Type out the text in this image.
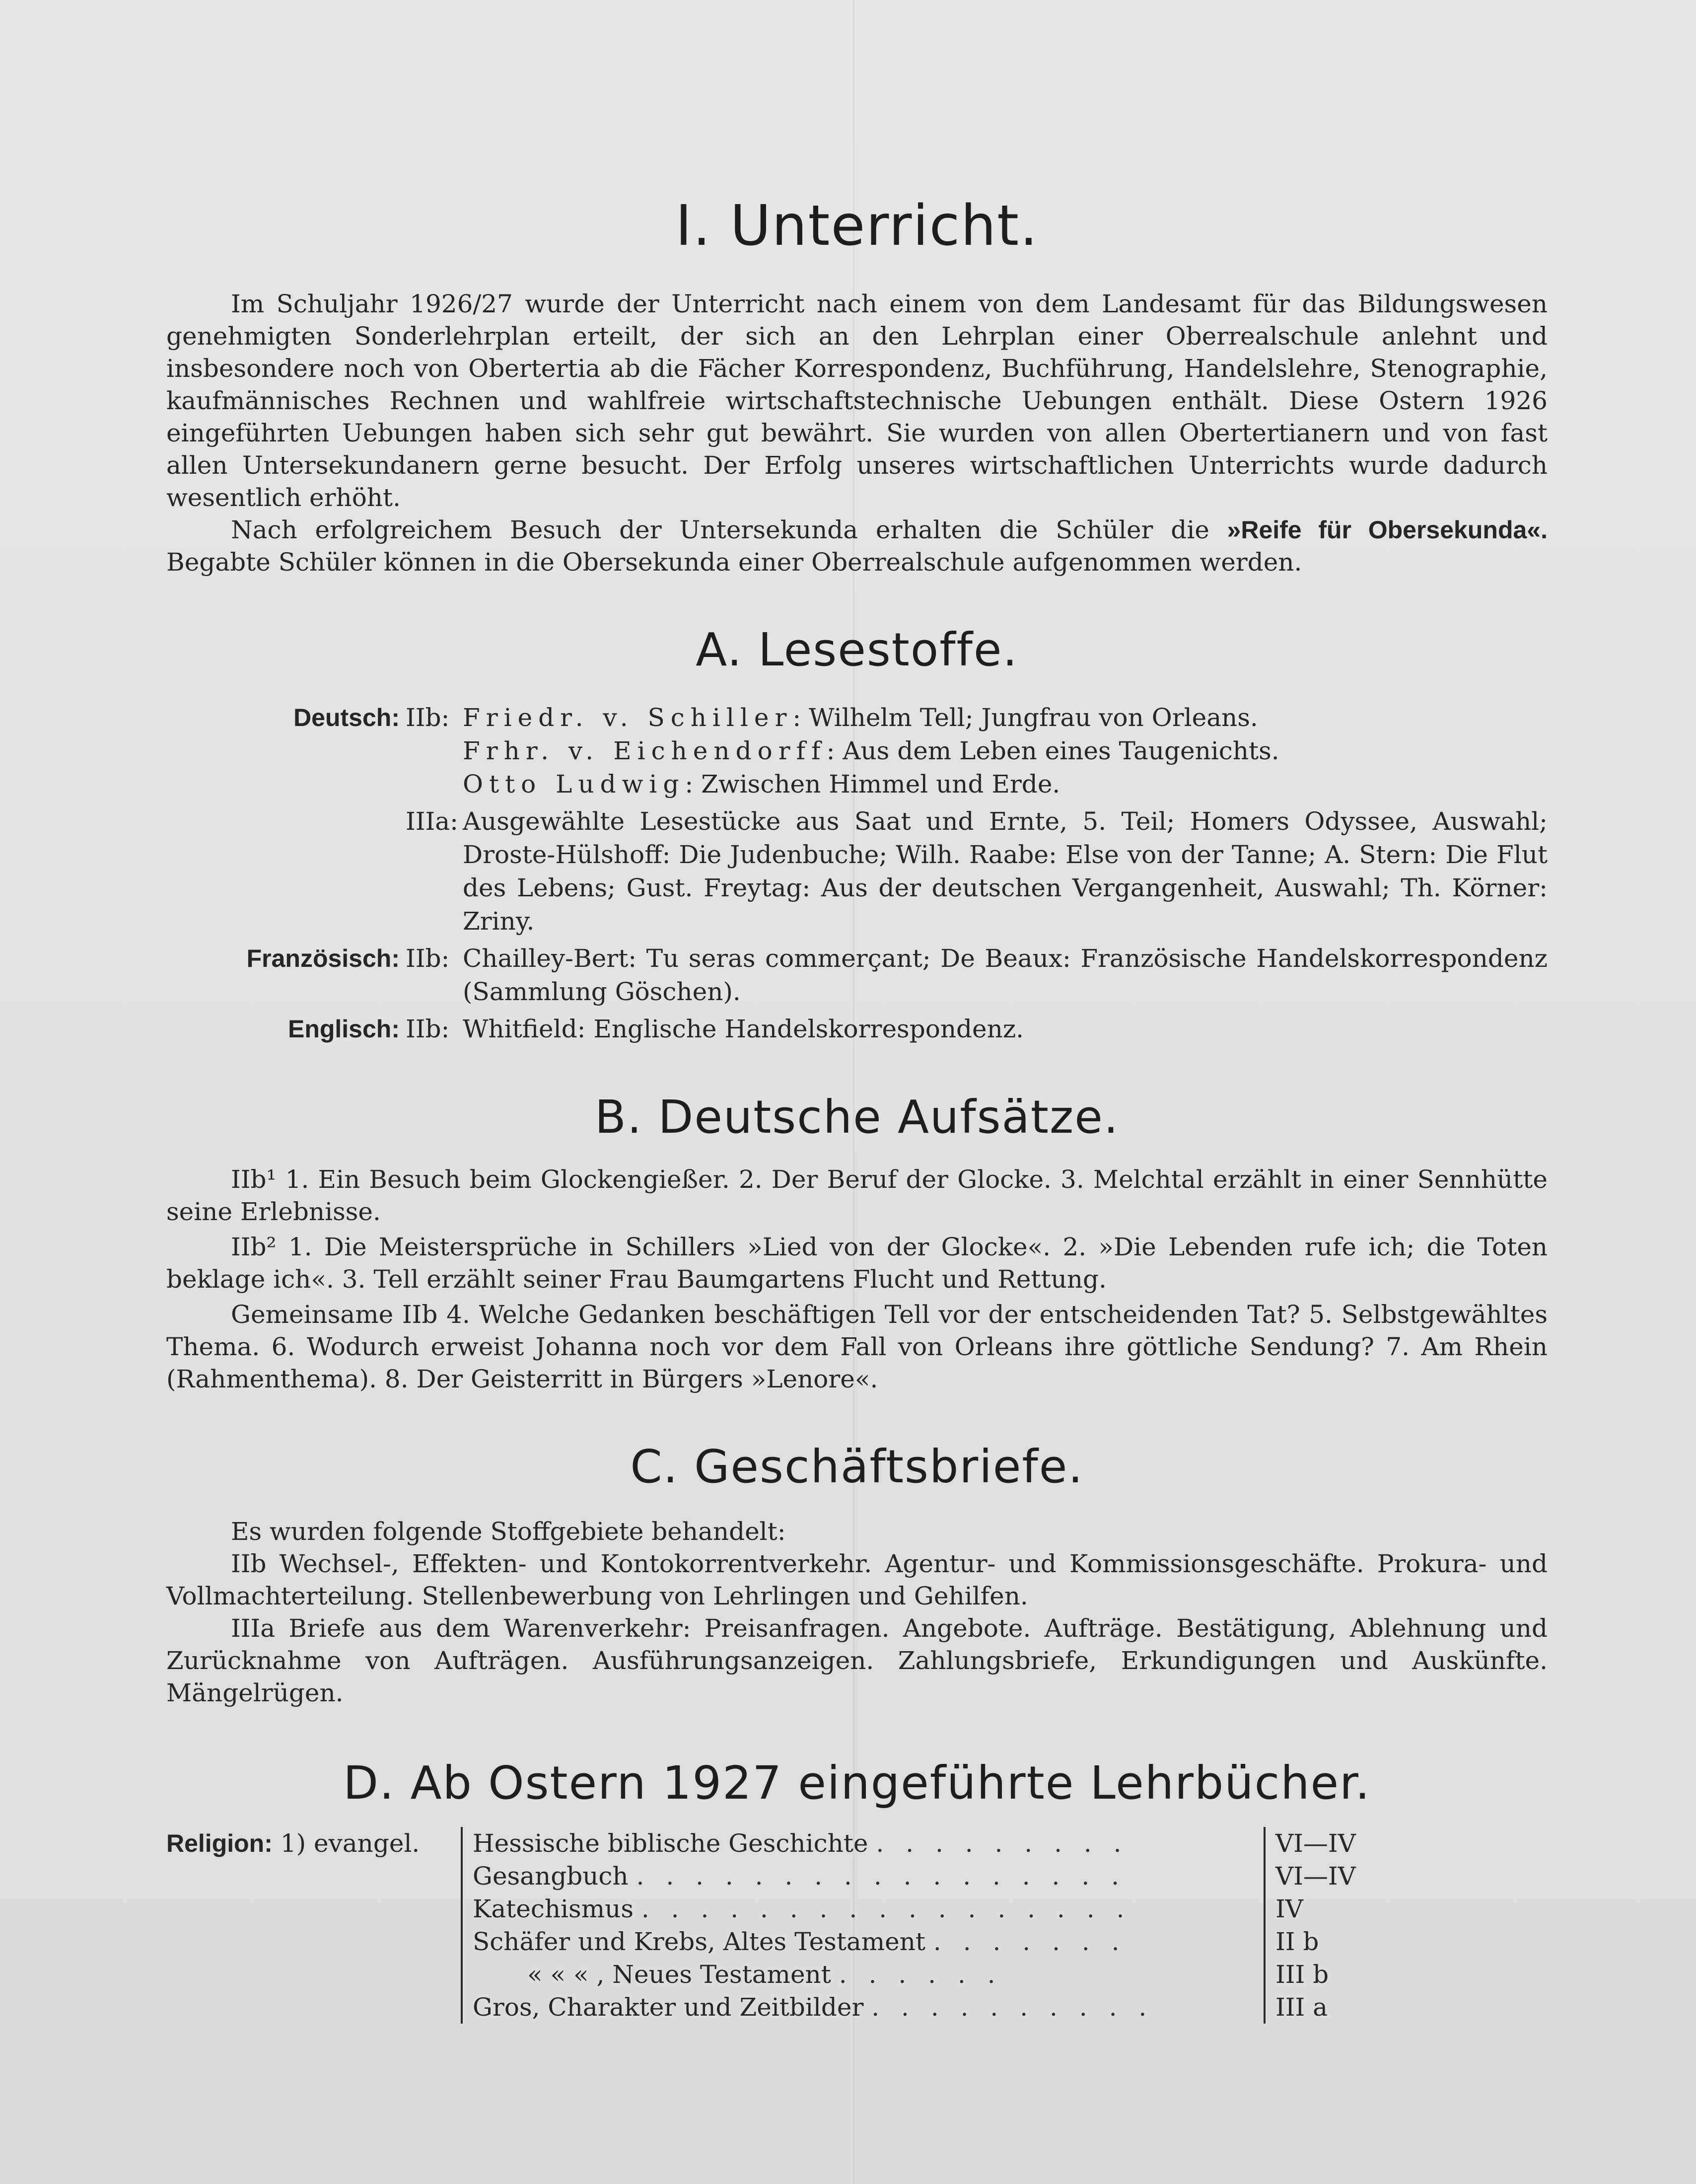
I. Unterricht.

Im Schuljahr 1926/27 wurde der Unterricht nach einem von dem Landesamt für das Bildungswesen genehmigten Sonderlehrplan erteilt, der sich an den Lehrplan einer Oberrealschule anlehnt und insbesondere noch von Obertertia ab die Fächer Korrespondenz, Buchführung, Handelslehre, Stenographie, kaufmännisches Rechnen und wahlfreie wirtschaftstechnische Uebungen enthält. Diese Ostern 1926 eingeführten Uebungen haben sich sehr gut bewährt. Sie wurden von allen Obertertianern und von fast allen Untersekundanern gerne besucht. Der Erfolg unseres wirtschaftlichen Unterrichts wurde dadurch wesentlich erhöht.

Nach erfolgreichem Besuch der Untersekunda erhalten die Schüler die »Reife für Obersekunda«. Begabte Schüler können in die Obersekunda einer Oberrealschule aufgenommen werden.

A. Lesestoffe.
Deutsch: IIb: Friedr. v. Schiller: Wilhelm Tell; Jungfrau von Orleans.
Frhr. v. Eichendorff: Aus dem Leben eines Taugenichts.
Otto Ludwig: Zwischen Himmel und Erde.
IIIa: Ausgewählte Lesestücke aus Saat und Ernte, 5. Teil; Homers Odyssee, Auswahl; Droste-Hülshoff: Die Judenbuche; Wilh. Raabe: Else von der Tanne; A. Stern: Die Flut des Lebens; Gust. Freytag: Aus der deutschen Vergangenheit, Auswahl; Th. Körner: Zriny.
Französisch: IIb: Chailley-Bert: Tu seras commerçant; De Beaux: Französische Handelskorrespondenz (Sammlung Göschen).
Englisch: IIb: Whitfield: Englische Handelskorrespondenz.
B. Deutsche Aufsätze.

IIb¹ 1. Ein Besuch beim Glockengießer. 2. Der Beruf der Glocke. 3. Melchtal erzählt in einer Sennhütte seine Erlebnisse.

IIb² 1. Die Meistersprüche in Schillers »Lied von der Glocke«. 2. »Die Lebenden rufe ich; die Toten beklage ich«. 3. Tell erzählt seiner Frau Baumgartens Flucht und Rettung.

Gemeinsame IIb 4. Welche Gedanken beschäftigen Tell vor der entscheidenden Tat? 5. Selbstgewähltes Thema. 6. Wodurch erweist Johanna noch vor dem Fall von Orleans ihre göttliche Sendung? 7. Am Rhein (Rahmenthema). 8. Der Geisterritt in Bürgers »Lenore«.

C. Geschäftsbriefe.

Es wurden folgende Stoffgebiete behandelt:

IIb Wechsel-, Effekten- und Kontokorrentverkehr. Agentur- und Kommissionsgeschäfte. Prokura- und Vollmachterteilung. Stellenbewerbung von Lehrlingen und Gehilfen.

IIIa Briefe aus dem Warenverkehr: Preisanfragen. Angebote. Aufträge. Bestätigung, Ablehnung und Zurücknahme von Aufträgen. Ausführungsanzeigen. Zahlungsbriefe, Erkundigungen und Auskünfte. Mängelrügen.

D. Ab Ostern 1927 eingeführte Lehrbücher.
Religion: 1) evangel.	Hessische biblische Geschichte . . . . . . . . .
Gesangbuch . . . . . . . . . . . . . . . . .
Katechismus . . . . . . . . . . . . . . . . .
Schäfer und Krebs, Altes Testament . . . . . . .
« « « , Neues Testament . . . . . .
Gros, Charakter und Zeitbilder . . . . . . . . . .
VI—IV
VI—IV
IV
II b
III b
III a
